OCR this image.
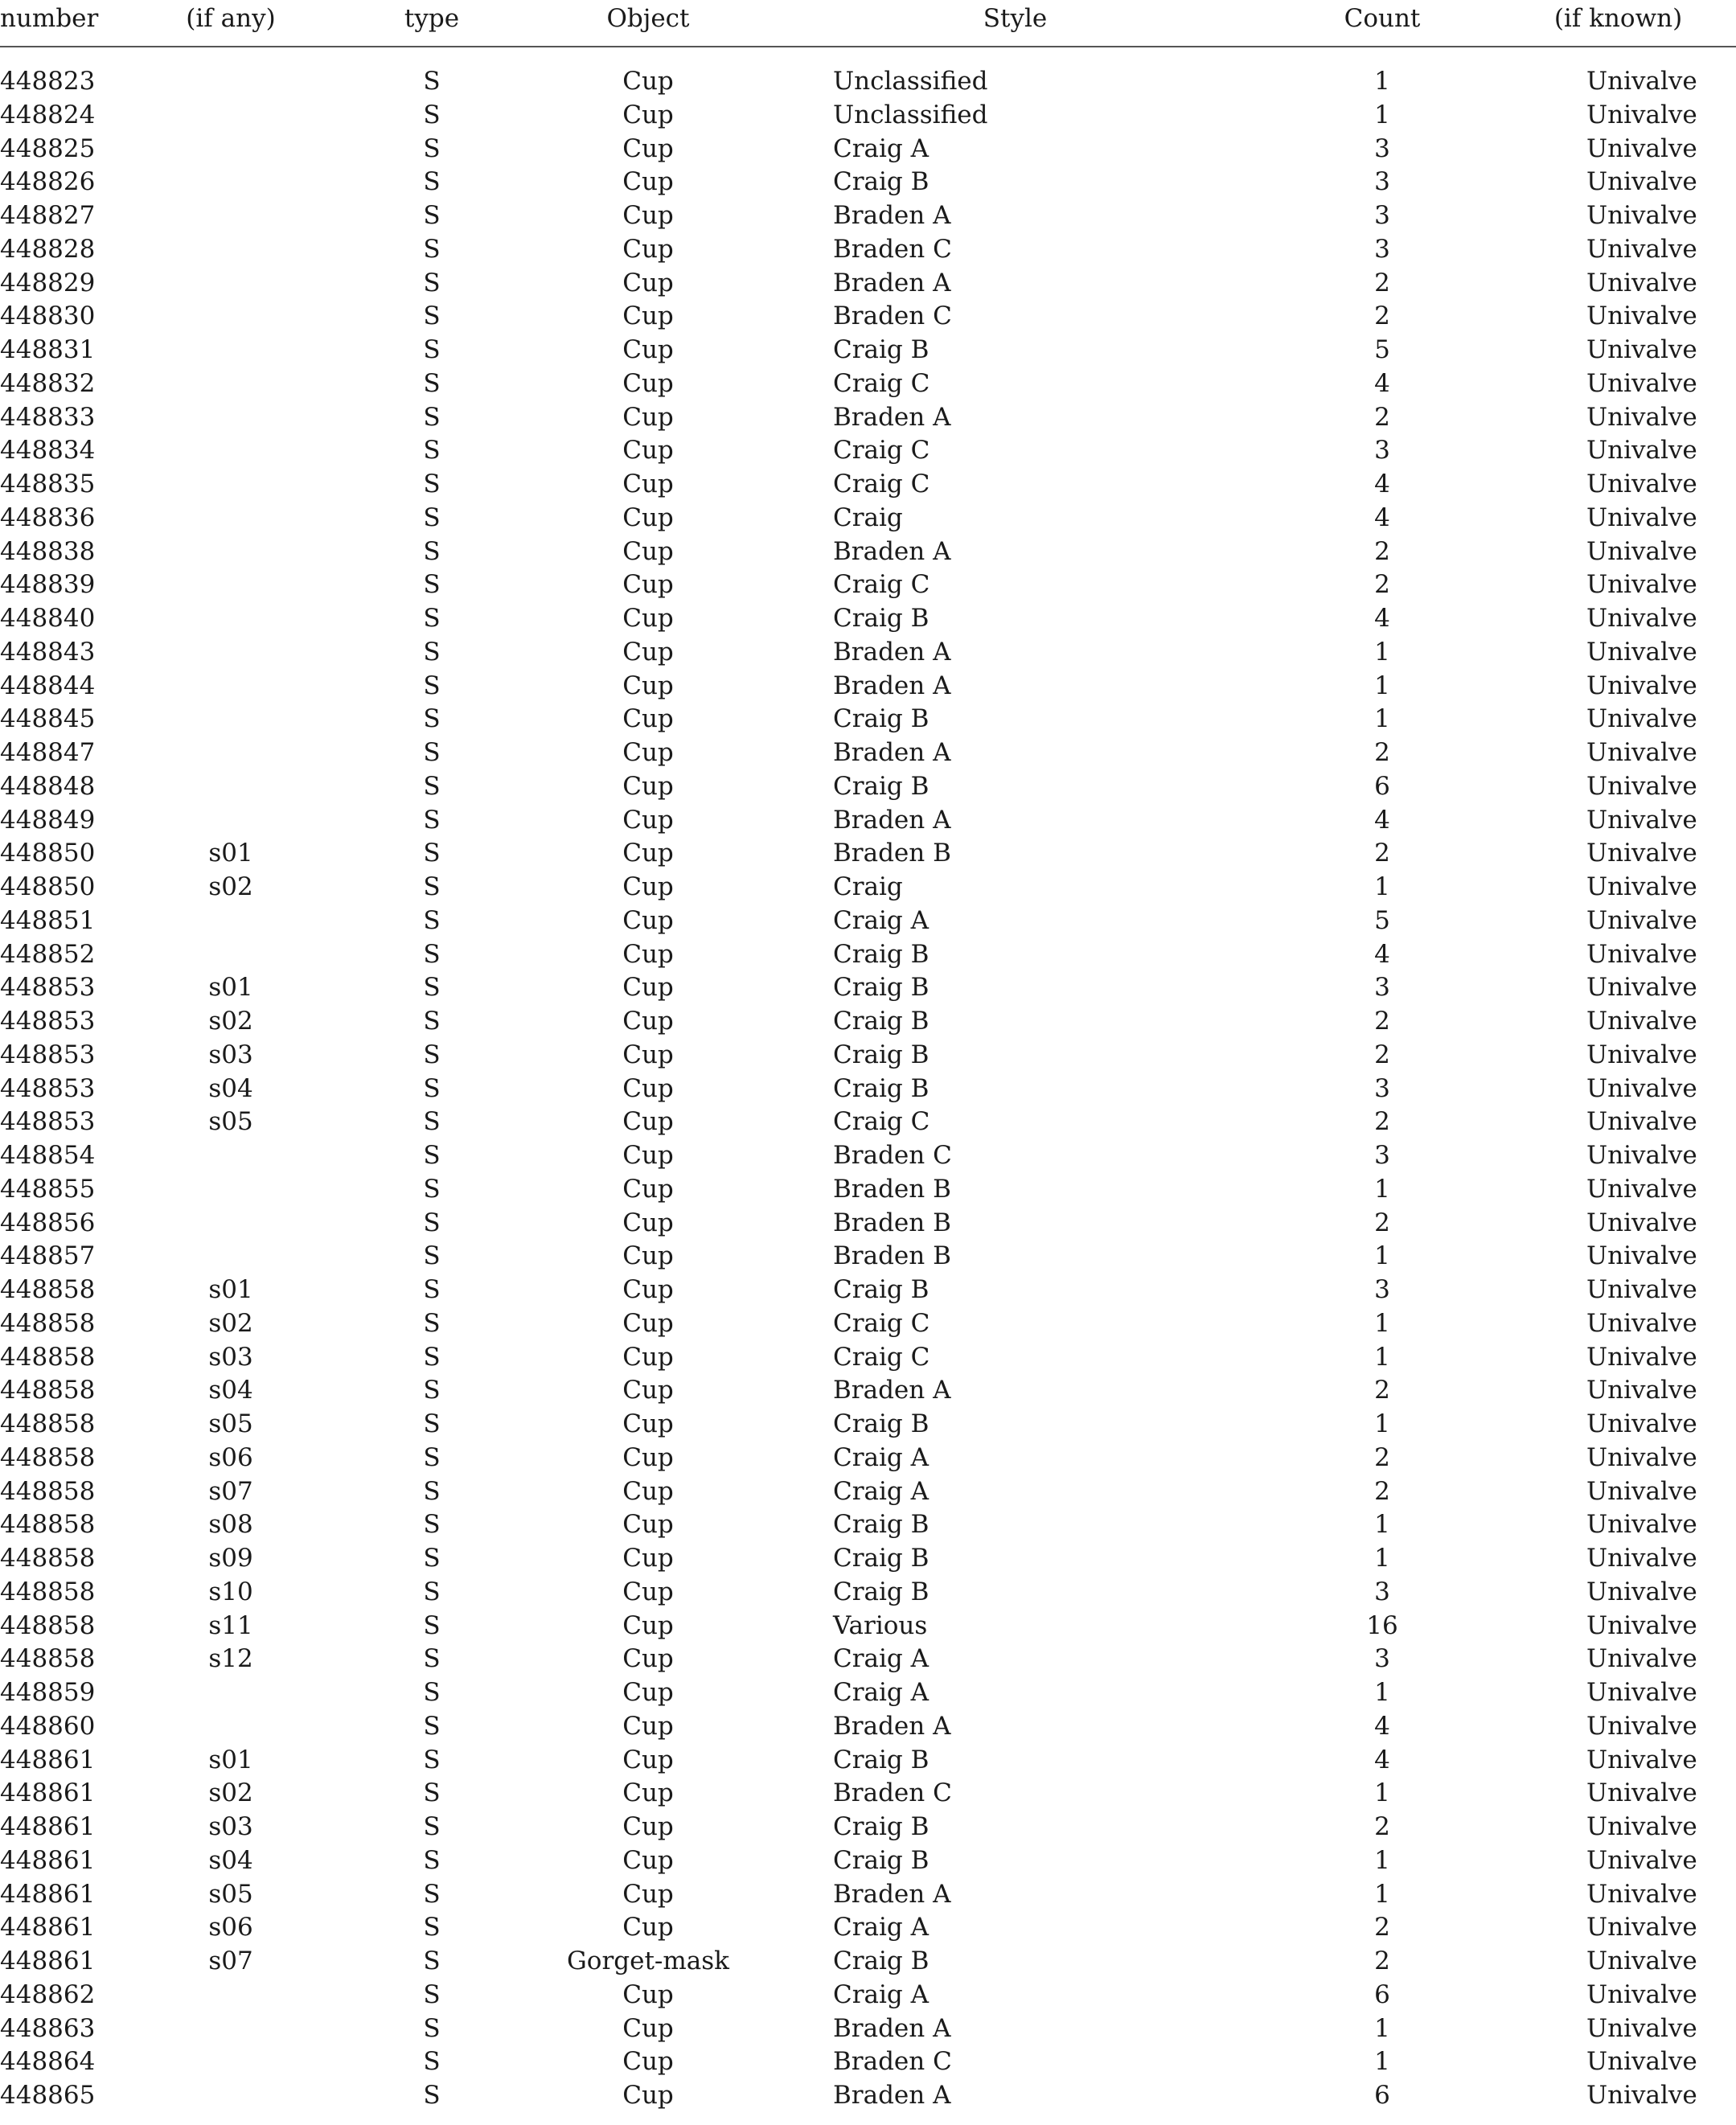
number	(if any)	type	Object	Style	Count	(if known)

448823		S	Cup	Unclassified	1	Univalve
448824		S	Cup	Unclassified	1	Univalve
448825		S	Cup	Craig A	3	Univalve
448826		S	Cup	Craig B	3	Univalve
448827		S	Cup	Braden A	3	Univalve
448828		S	Cup	Braden C	3	Univalve
448829		S	Cup	Braden A	2	Univalve
448830		S	Cup	Braden C	2	Univalve
448831		S	Cup	Craig B	5	Univalve
448832		S	Cup	Craig C	4	Univalve
448833		S	Cup	Braden A	2	Univalve
448834		S	Cup	Craig C	3	Univalve
448835		S	Cup	Craig C	4	Univalve
448836		S	Cup	Craig	4	Univalve
448838		S	Cup	Braden A	2	Univalve
448839		S	Cup	Craig C	2	Univalve
448840		S	Cup	Craig B	4	Univalve
448843		S	Cup	Braden A	1	Univalve
448844		S	Cup	Braden A	1	Univalve
448845		S	Cup	Craig B	1	Univalve
448847		S	Cup	Braden A	2	Univalve
448848		S	Cup	Craig B	6	Univalve
448849		S	Cup	Braden A	4	Univalve
448850	s01	S	Cup	Braden B	2	Univalve
448850	s02	S	Cup	Craig	1	Univalve
448851		S	Cup	Craig A	5	Univalve
448852		S	Cup	Craig B	4	Univalve
448853	s01	S	Cup	Craig B	3	Univalve
448853	s02	S	Cup	Craig B	2	Univalve
448853	s03	S	Cup	Craig B	2	Univalve
448853	s04	S	Cup	Craig B	3	Univalve
448853	s05	S	Cup	Craig C	2	Univalve
448854		S	Cup	Braden C	3	Univalve
448855		S	Cup	Braden B	1	Univalve
448856		S	Cup	Braden B	2	Univalve
448857		S	Cup	Braden B	1	Univalve
448858	s01	S	Cup	Craig B	3	Univalve
448858	s02	S	Cup	Craig C	1	Univalve
448858	s03	S	Cup	Craig C	1	Univalve
448858	s04	S	Cup	Braden A	2	Univalve
448858	s05	S	Cup	Craig B	1	Univalve
448858	s06	S	Cup	Craig A	2	Univalve
448858	s07	S	Cup	Craig A	2	Univalve
448858	s08	S	Cup	Craig B	1	Univalve
448858	s09	S	Cup	Craig B	1	Univalve
448858	s10	S	Cup	Craig B	3	Univalve
448858	s11	S	Cup	Various	16	Univalve
448858	s12	S	Cup	Craig A	3	Univalve
448859		S	Cup	Craig A	1	Univalve
448860		S	Cup	Braden A	4	Univalve
448861	s01	S	Cup	Craig B	4	Univalve
448861	s02	S	Cup	Braden C	1	Univalve
448861	s03	S	Cup	Craig B	2	Univalve
448861	s04	S	Cup	Craig B	1	Univalve
448861	s05	S	Cup	Braden A	1	Univalve
448861	s06	S	Cup	Craig A	2	Univalve
448861	s07	S	Gorget-mask	Craig B	2	Univalve
448862		S	Cup	Craig A	6	Univalve
448863		S	Cup	Braden A	1	Univalve
448864		S	Cup	Braden C	1	Univalve
448865		S	Cup	Braden A	6	Univalve
